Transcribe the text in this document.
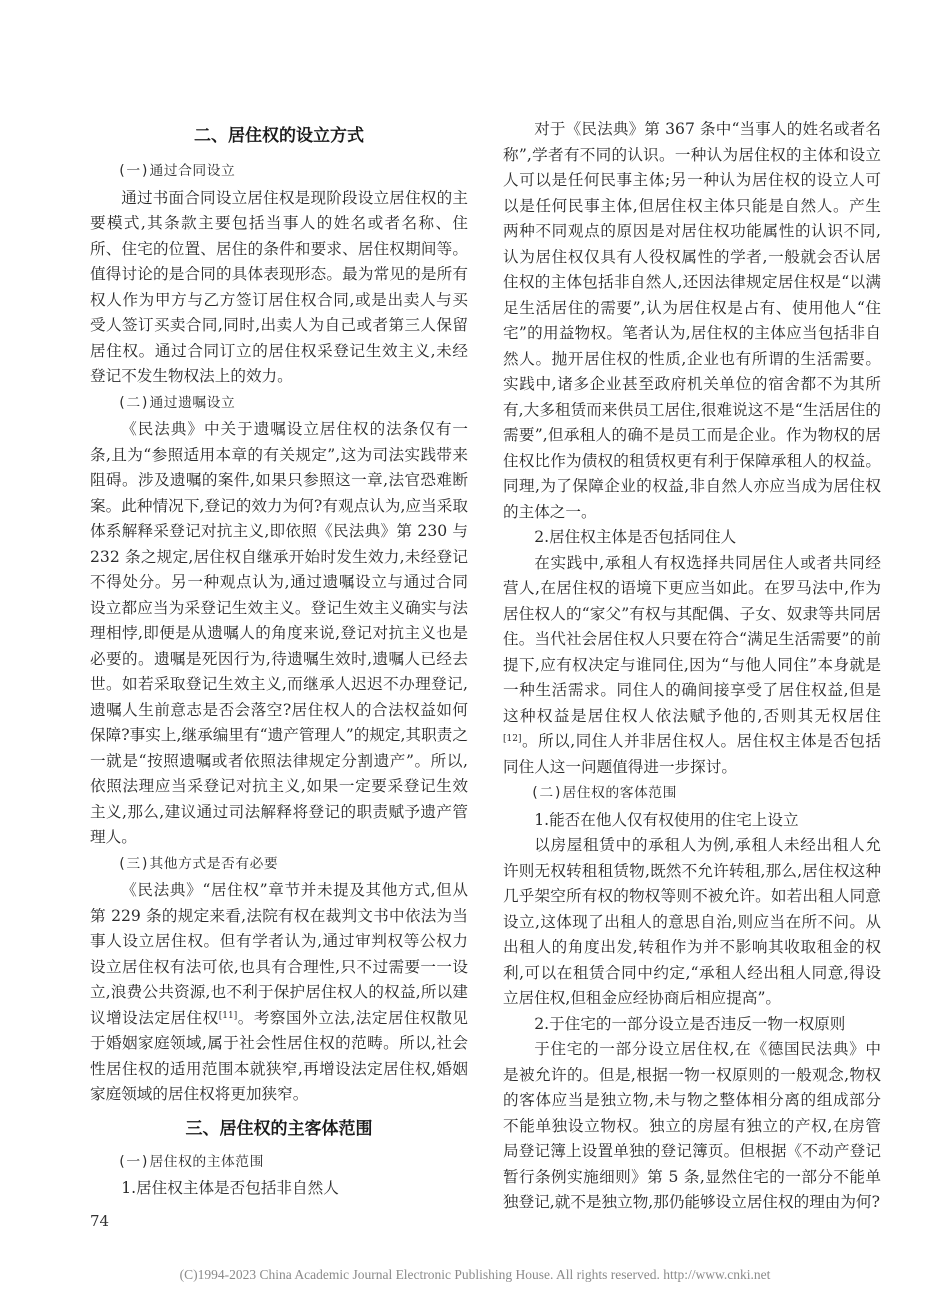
二、居住权的设立方式
(一)通过合同设立

通过书面合同设立居住权是现阶段设立居住权的主要模式,其条款主要包括当事人的姓名或者名称、住所、住宅的位置、居住的条件和要求、居住权期间等。值得讨论的是合同的具体表现形态。最为常见的是所有权人作为甲方与乙方签订居住权合同,或是出卖人与买受人签订买卖合同,同时,出卖人为自己或者第三人保留居住权。通过合同订立的居住权采登记生效主义,未经登记不发生物权法上的效力。

(二)通过遗嘱设立

《民法典》中关于遗嘱设立居住权的法条仅有一条,且为“参照适用本章的有关规定”,这为司法实践带来阻碍。涉及遗嘱的案件,如果只参照这一章,法官恐难断案。此种情况下,登记的效力为何?有观点认为,应当采取体系解释采登记对抗主义,即依照《民法典》第 230 与 232 条之规定,居住权自继承开始时发生效力,未经登记不得处分。另一种观点认为,通过遗嘱设立与通过合同设立都应当为采登记生效主义。登记生效主义确实与法理相悖,即便是从遗嘱人的角度来说,登记对抗主义也是必要的。遗嘱是死因行为,待遗嘱生效时,遗嘱人已经去世。如若采取登记生效主义,而继承人迟迟不办理登记,遗嘱人生前意志是否会落空?居住权人的合法权益如何保障?事实上,继承编里有“遗产管理人”的规定,其职责之一就是“按照遗嘱或者依照法律规定分割遗产”。所以,依照法理应当采登记对抗主义,如果一定要采登记生效主义,那么,建议通过司法解释将登记的职责赋予遗产管理人。

(三)其他方式是否有必要

《民法典》“居住权”章节并未提及其他方式,但从第 229 条的规定来看,法院有权在裁判文书中依法为当事人设立居住权。但有学者认为,通过审判权等公权力设立居住权有法可依,也具有合理性,只不过需要一一设立,浪费公共资源,也不利于保护居住权人的权益,所以建议增设法定居住权[11]。考察国外立法,法定居住权散见于婚姻家庭领域,属于社会性居住权的范畴。所以,社会性居住权的适用范围本就狭窄,再增设法定居住权,婚姻家庭领域的居住权将更加狭窄。

三、居住权的主客体范围
(一)居住权的主体范围

1.居住权主体是否包括非自然人

对于《民法典》第 367 条中“当事人的姓名或者名称”,学者有不同的认识。一种认为居住权的主体和设立人可以是任何民事主体;另一种认为居住权的设立人可以是任何民事主体,但居住权主体只能是自然人。产生两种不同观点的原因是对居住权功能属性的认识不同,认为居住权仅具有人役权属性的学者,一般就会否认居住权的主体包括非自然人,还因法律规定居住权是“以满足生活居住的需要”,认为居住权是占有、使用他人“住宅”的用益物权。笔者认为,居住权的主体应当包括非自然人。抛开居住权的性质,企业也有所谓的生活需要。实践中,诸多企业甚至政府机关单位的宿舍都不为其所有,大多租赁而来供员工居住,很难说这不是“生活居住的需要”,但承租人的确不是员工而是企业。作为物权的居住权比作为债权的租赁权更有利于保障承租人的权益。同理,为了保障企业的权益,非自然人亦应当成为居住权的主体之一。

2.居住权主体是否包括同住人

在实践中,承租人有权选择共同居住人或者共同经营人,在居住权的语境下更应当如此。在罗马法中,作为居住权人的“家父”有权与其配偶、子女、奴隶等共同居住。当代社会居住权人只要在符合“满足生活需要”的前提下,应有权决定与谁同住,因为“与他人同住”本身就是一种生活需求。同住人的确间接享受了居住权益,但是这种权益是居住权人依法赋予他的,否则其无权居住[12]。所以,同住人并非居住权人。居住权主体是否包括同住人这一问题值得进一步探讨。

(二)居住权的客体范围

1.能否在他人仅有权使用的住宅上设立

以房屋租赁中的承租人为例,承租人未经出租人允许则无权转租租赁物,既然不允许转租,那么,居住权这种几乎架空所有权的物权等则不被允许。如若出租人同意设立,这体现了出租人的意思自治,则应当在所不问。从出租人的角度出发,转租作为并不影响其收取租金的权利,可以在租赁合同中约定,“承租人经出租人同意,得设立居住权,但租金应经协商后相应提高”。

2.于住宅的一部分设立是否违反一物一权原则

于住宅的一部分设立居住权,在《德国民法典》中是被允许的。但是,根据一物一权原则的一般观念,物权的客体应当是独立物,未与物之整体相分离的组成部分不能单独设立物权。独立的房屋有独立的产权,在房管局登记簿上设置单独的登记簿页。但根据《不动产登记暂行条例实施细则》第 5 条,显然住宅的一部分不能单独登记,就不是独立物,那仍能够设立居住权的理由为何?

74
(C)1994-2023 China Academic Journal Electronic Publishing House. All rights reserved. http://www.cnki.net
